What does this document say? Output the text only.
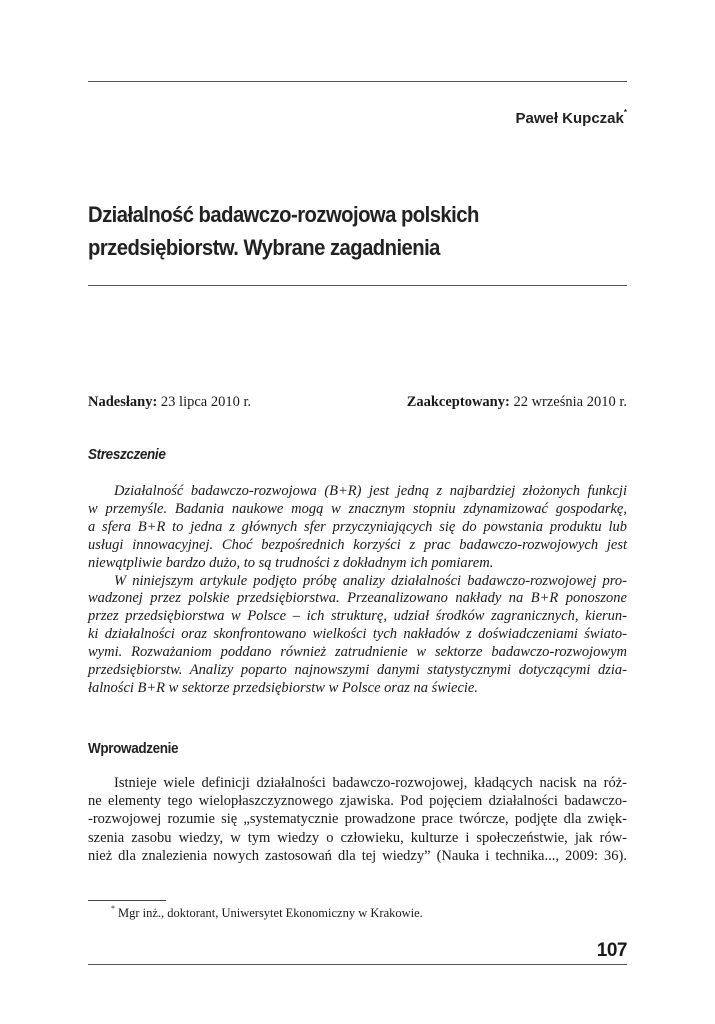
Paweł Kupczak*
Działalność badawczo-rozwojowa polskich
przedsiębiorstw. Wybrane zagadnienia
Nadesłany: 23 lipca 2010 r.	Zaakceptowany: 22 września 2010 r.
Streszczenie
Działalność badawczo-rozwojowa (B+R) jest jedną z najbardziej złożonych funkcji
w przemyśle. Badania naukowe mogą w znacznym stopniu zdynamizować gospodarkę,
a sfera B+R to jedna z głównych sfer przyczyniających się do powstania produktu lub
usługi innowacyjnej. Choć bezpośrednich korzyści z prac badawczo-rozwojowych jest
niewątpliwie bardzo dużo, to są trudności z dokładnym ich pomiarem.
W niniejszym artykule podjęto próbę analizy działalności badawczo-rozwojowej pro-
wadzonej przez polskie przedsiębiorstwa. Przeanalizowano nakłady na B+R ponoszone
przez przedsiębiorstwa w Polsce – ich strukturę, udział środków zagranicznych, kierun-
ki działalności oraz skonfrontowano wielkości tych nakładów z doświadczeniami świato-
wymi. Rozważaniom poddano również zatrudnienie w sektorze badawczo-rozwojowym
przedsiębiorstw. Analizy poparto najnowszymi danymi statystycznymi dotyczącymi dzia-
łalności B+R w sektorze przedsiębiorstw w Polsce oraz na świecie.
Wprowadzenie
Istnieje wiele definicji działalności badawczo-rozwojowej, kładących nacisk na róż-
ne elementy tego wielopłaszczyznowego zjawiska. Pod pojęciem działalności badawczo-
-rozwojowej rozumie się „systematycznie prowadzone prace twórcze, podjęte dla zwięk-
szenia zasobu wiedzy, w tym wiedzy o człowieku, kulturze i społeczeństwie, jak rów-
nież dla znalezienia nowych zastosowań dla tej wiedzy” (Nauka i technika..., 2009: 36).
* Mgr inż., doktorant, Uniwersytet Ekonomiczny w Krakowie.
107
